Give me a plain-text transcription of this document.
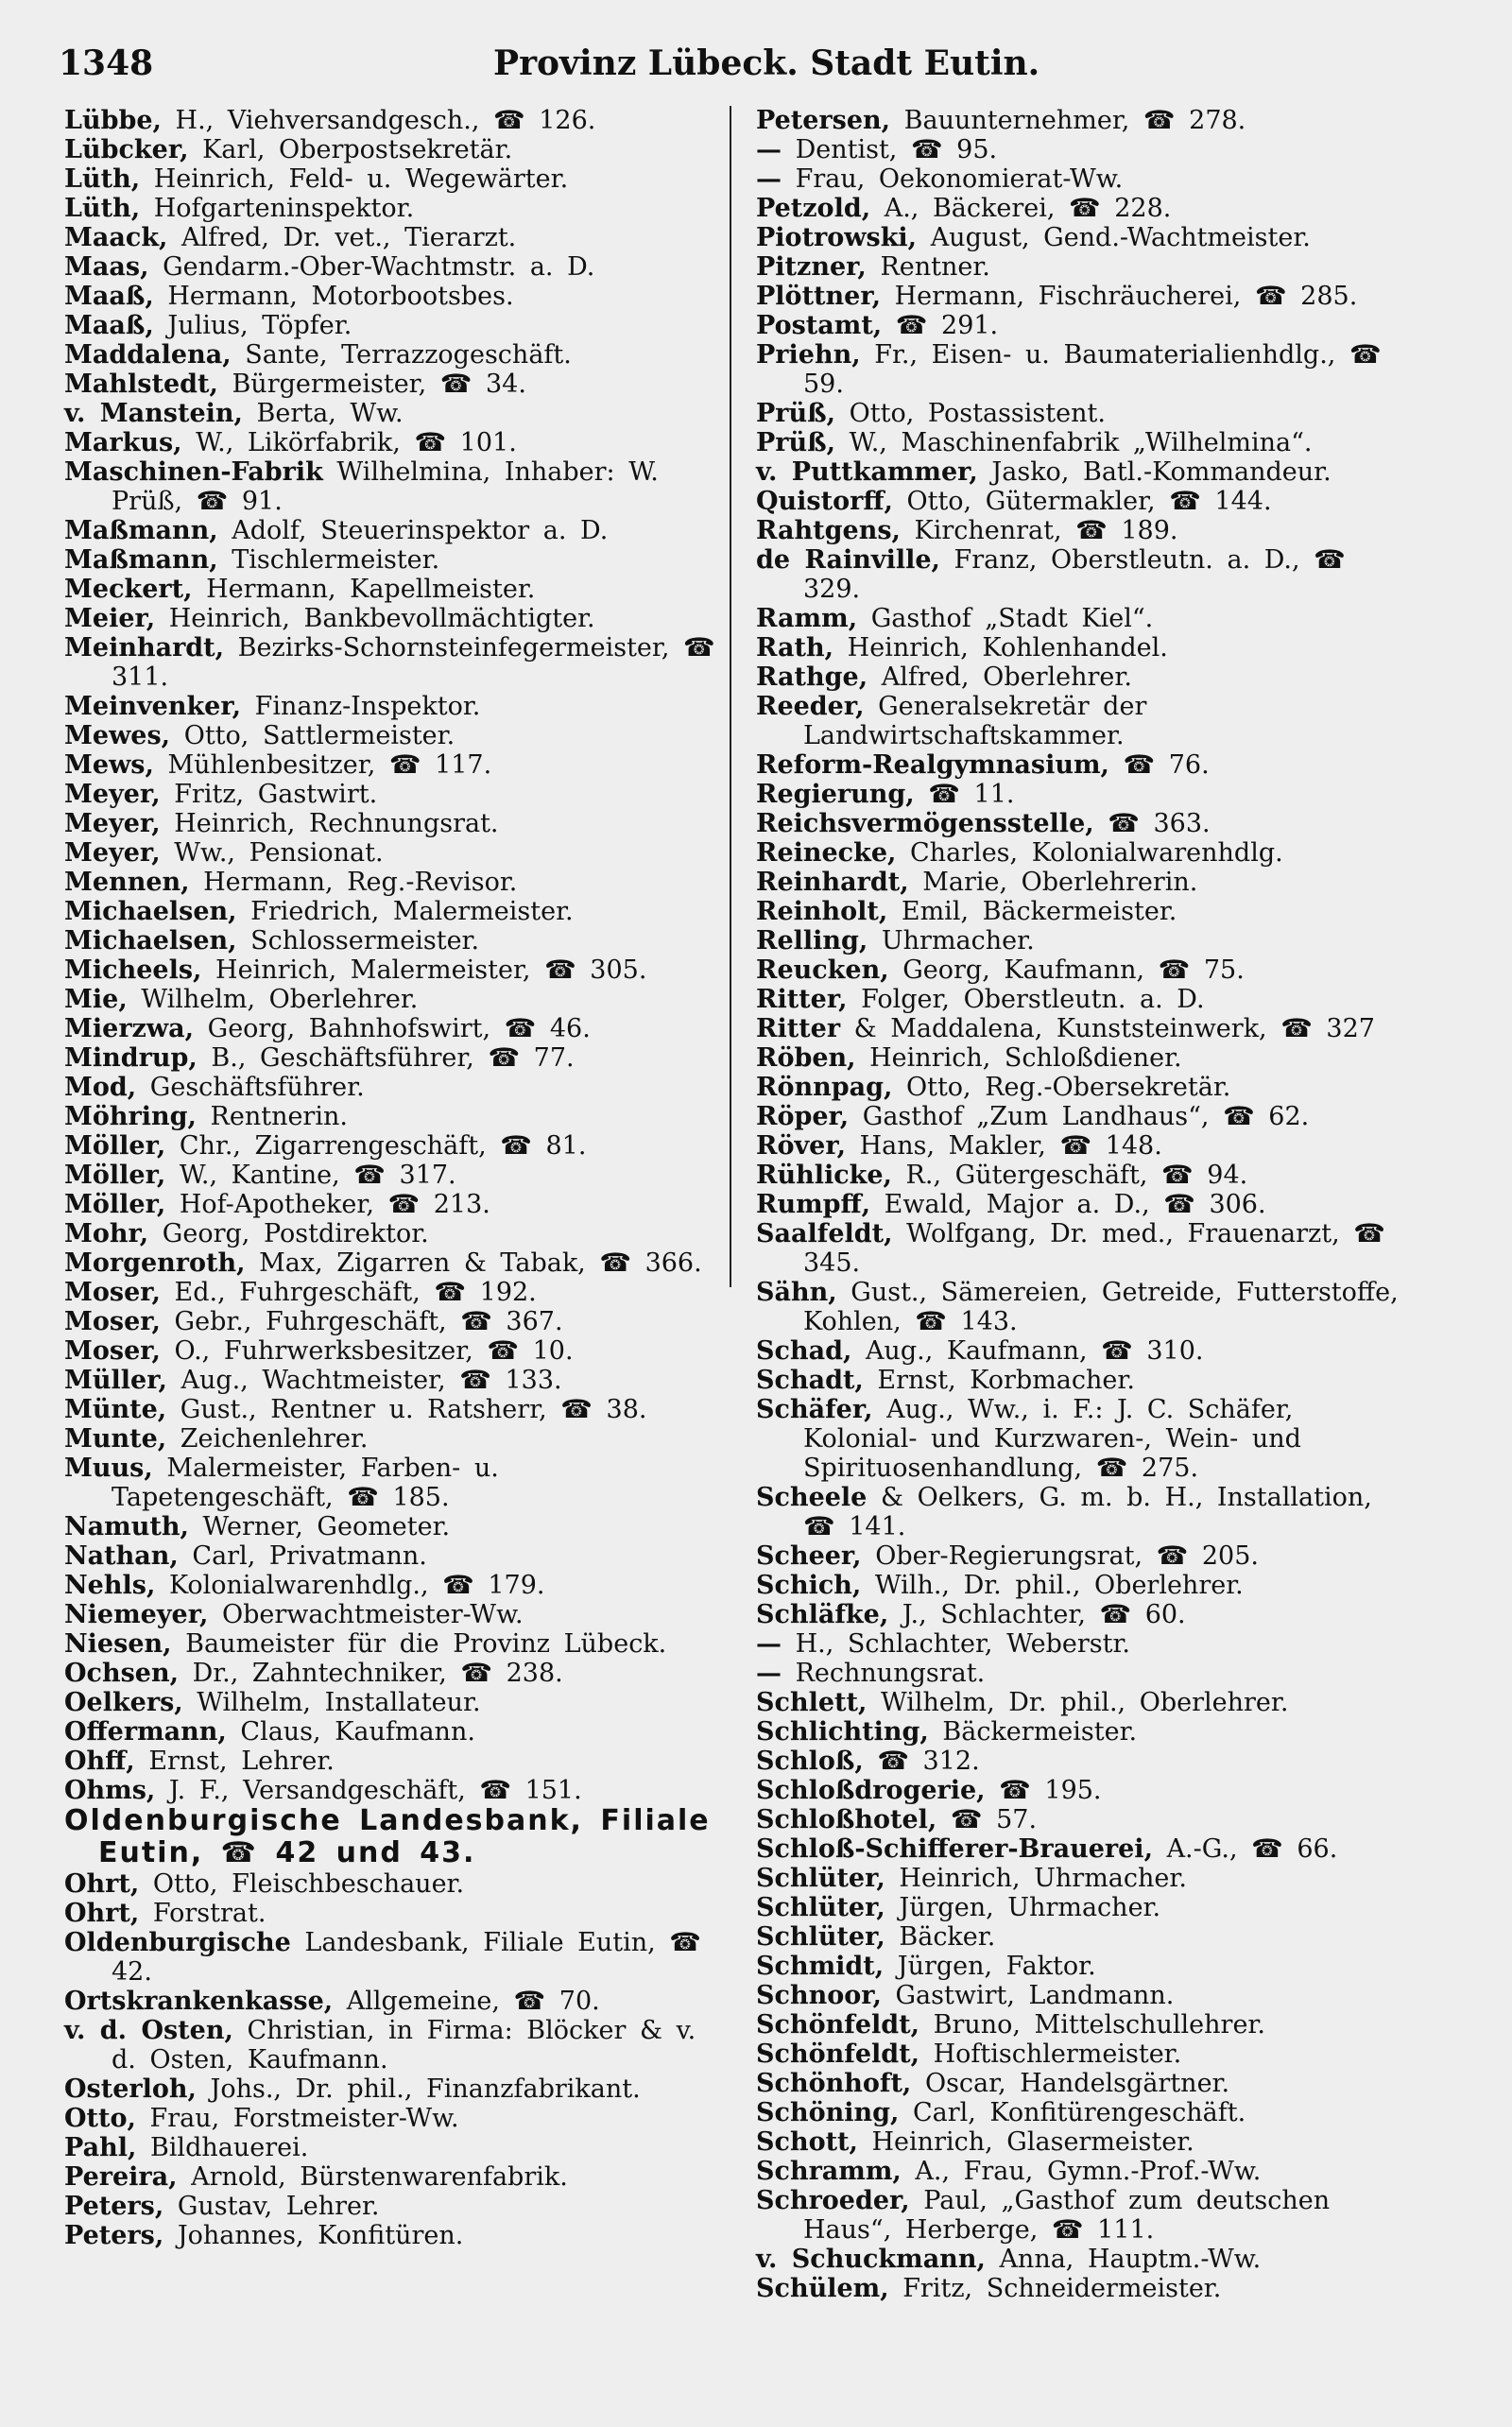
1348	Provinz Lübeck. Stadt Eutin.

Lübbe, H., Viehversandgesch., ☎ 126.

Lübcker, Karl, Oberpostsekretär.

Lüth, Heinrich, Feld- u. Wegewärter.

Lüth, Hofgarteninspektor.

Maack, Alfred, Dr. vet., Tierarzt.

Maas, Gendarm.-Ober-Wachtmstr. a. D.

Maaß, Hermann, Motorbootsbes.

Maaß, Julius, Töpfer.

Maddalena, Sante, Terrazzogeschäft.

Mahlstedt, Bürgermeister, ☎ 34.

v. Manstein, Berta, Ww.

Markus, W., Likörfabrik, ☎ 101.

Maschinen-Fabrik Wilhelmina, Inhaber: W. Prüß, ☎ 91.

Maßmann, Adolf, Steuerinspektor a. D.

Maßmann, Tischlermeister.

Meckert, Hermann, Kapellmeister.

Meier, Heinrich, Bankbevollmächtigter.

Meinhardt, Bezirks-Schornsteinfegermeister, ☎ 311.

Meinvenker, Finanz-Inspektor.

Mewes, Otto, Sattlermeister.

Mews, Mühlenbesitzer, ☎ 117.

Meyer, Fritz, Gastwirt.

Meyer, Heinrich, Rechnungsrat.

Meyer, Ww., Pensionat.

Mennen, Hermann, Reg.-Revisor.

Michaelsen, Friedrich, Malermeister.

Michaelsen, Schlossermeister.

Micheels, Heinrich, Malermeister, ☎ 305.

Mie, Wilhelm, Oberlehrer.

Mierzwa, Georg, Bahnhofswirt, ☎ 46.

Mindrup, B., Geschäftsführer, ☎ 77.

Mod, Geschäftsführer.

Möhring, Rentnerin.

Möller, Chr., Zigarrengeschäft, ☎ 81.

Möller, W., Kantine, ☎ 317.

Möller, Hof-Apotheker, ☎ 213.

Mohr, Georg, Postdirektor.

Morgenroth, Max, Zigarren & Tabak, ☎ 366.

Moser, Ed., Fuhrgeschäft, ☎ 192.

Moser, Gebr., Fuhrgeschäft, ☎ 367.

Moser, O., Fuhrwerksbesitzer, ☎ 10.

Müller, Aug., Wachtmeister, ☎ 133.

Münte, Gust., Rentner u. Ratsherr, ☎ 38.

Munte, Zeichenlehrer.

Muus, Malermeister, Farben- u. Tapetengeschäft, ☎ 185.

Namuth, Werner, Geometer.

Nathan, Carl, Privatmann.

Nehls, Kolonialwarenhdlg., ☎ 179.

Niemeyer, Oberwachtmeister-Ww.

Niesen, Baumeister für die Provinz Lübeck.

Ochsen, Dr., Zahntechniker, ☎ 238.

Oelkers, Wilhelm, Installateur.

Offermann, Claus, Kaufmann.

Ohff, Ernst, Lehrer.

Ohms, J. F., Versandgeschäft, ☎ 151.

Oldenburgische Landesbank, Filiale Eutin, ☎ 42 und 43.

Ohrt, Otto, Fleischbeschauer.

Ohrt, Forstrat.

Oldenburgische Landesbank, Filiale Eutin, ☎ 42.

Ortskrankenkasse, Allgemeine, ☎ 70.

v. d. Osten, Christian, in Firma: Blöcker & v. d. Osten, Kaufmann.

Osterloh, Johs., Dr. phil., Finanzfabrikant.

Otto, Frau, Forstmeister-Ww.

Pahl, Bildhauerei.

Pereira, Arnold, Bürstenwarenfabrik.

Peters, Gustav, Lehrer.

Peters, Johannes, Konfitüren.

Petersen, Bauunternehmer, ☎ 278.

— Dentist, ☎ 95.

— Frau, Oekonomierat-Ww.

Petzold, A., Bäckerei, ☎ 228.

Piotrowski, August, Gend.-Wachtmeister.

Pitzner, Rentner.

Plöttner, Hermann, Fischräucherei, ☎ 285.

Postamt, ☎ 291.

Priehn, Fr., Eisen- u. Baumaterialienhdlg., ☎ 59.

Prüß, Otto, Postassistent.

Prüß, W., Maschinenfabrik „Wilhelmina“.

v. Puttkammer, Jasko, Batl.-Kommandeur.

Quistorff, Otto, Gütermakler, ☎ 144.

Rahtgens, Kirchenrat, ☎ 189.

de Rainville, Franz, Oberstleutn. a. D., ☎ 329.

Ramm, Gasthof „Stadt Kiel“.

Rath, Heinrich, Kohlenhandel.

Rathge, Alfred, Oberlehrer.

Reeder, Generalsekretär der Landwirtschaftskammer.

Reform-Realgymnasium, ☎ 76.

Regierung, ☎ 11.

Reichsvermögensstelle, ☎ 363.

Reinecke, Charles, Kolonialwarenhdlg.

Reinhardt, Marie, Oberlehrerin.

Reinholt, Emil, Bäckermeister.

Relling, Uhrmacher.

Reucken, Georg, Kaufmann, ☎ 75.

Ritter, Folger, Oberstleutn. a. D.

Ritter & Maddalena, Kunststeinwerk, ☎ 327

Röben, Heinrich, Schloßdiener.

Rönnpag, Otto, Reg.-Obersekretär.

Röper, Gasthof „Zum Landhaus“, ☎ 62.

Röver, Hans, Makler, ☎ 148.

Rühlicke, R., Gütergeschäft, ☎ 94.

Rumpff, Ewald, Major a. D., ☎ 306.

Saalfeldt, Wolfgang, Dr. med., Frauenarzt, ☎ 345.

Sähn, Gust., Sämereien, Getreide, Futterstoffe, Kohlen, ☎ 143.

Schad, Aug., Kaufmann, ☎ 310.

Schadt, Ernst, Korbmacher.

Schäfer, Aug., Ww., i. F.: J. C. Schäfer, Kolonial- und Kurzwaren-, Wein- und Spirituosenhandlung, ☎ 275.

Scheele & Oelkers, G. m. b. H., Installation, ☎ 141.

Scheer, Ober-Regierungsrat, ☎ 205.

Schich, Wilh., Dr. phil., Oberlehrer.

Schläfke, J., Schlachter, ☎ 60.

— H., Schlachter, Weberstr.

— Rechnungsrat.

Schlett, Wilhelm, Dr. phil., Oberlehrer.

Schlichting, Bäckermeister.

Schloß, ☎ 312.

Schloßdrogerie, ☎ 195.

Schloßhotel, ☎ 57.

Schloß-Schifferer-Brauerei, A.-G., ☎ 66.

Schlüter, Heinrich, Uhrmacher.

Schlüter, Jürgen, Uhrmacher.

Schlüter, Bäcker.

Schmidt, Jürgen, Faktor.

Schnoor, Gastwirt, Landmann.

Schönfeldt, Bruno, Mittelschullehrer.

Schönfeldt, Hoftischlermeister.

Schönhoft, Oscar, Handelsgärtner.

Schöning, Carl, Konfitürengeschäft.

Schott, Heinrich, Glasermeister.

Schramm, A., Frau, Gymn.-Prof.-Ww.

Schroeder, Paul, „Gasthof zum deutschen Haus“, Herberge, ☎ 111.

v. Schuckmann, Anna, Hauptm.-Ww.

Schülem, Fritz, Schneidermeister.
